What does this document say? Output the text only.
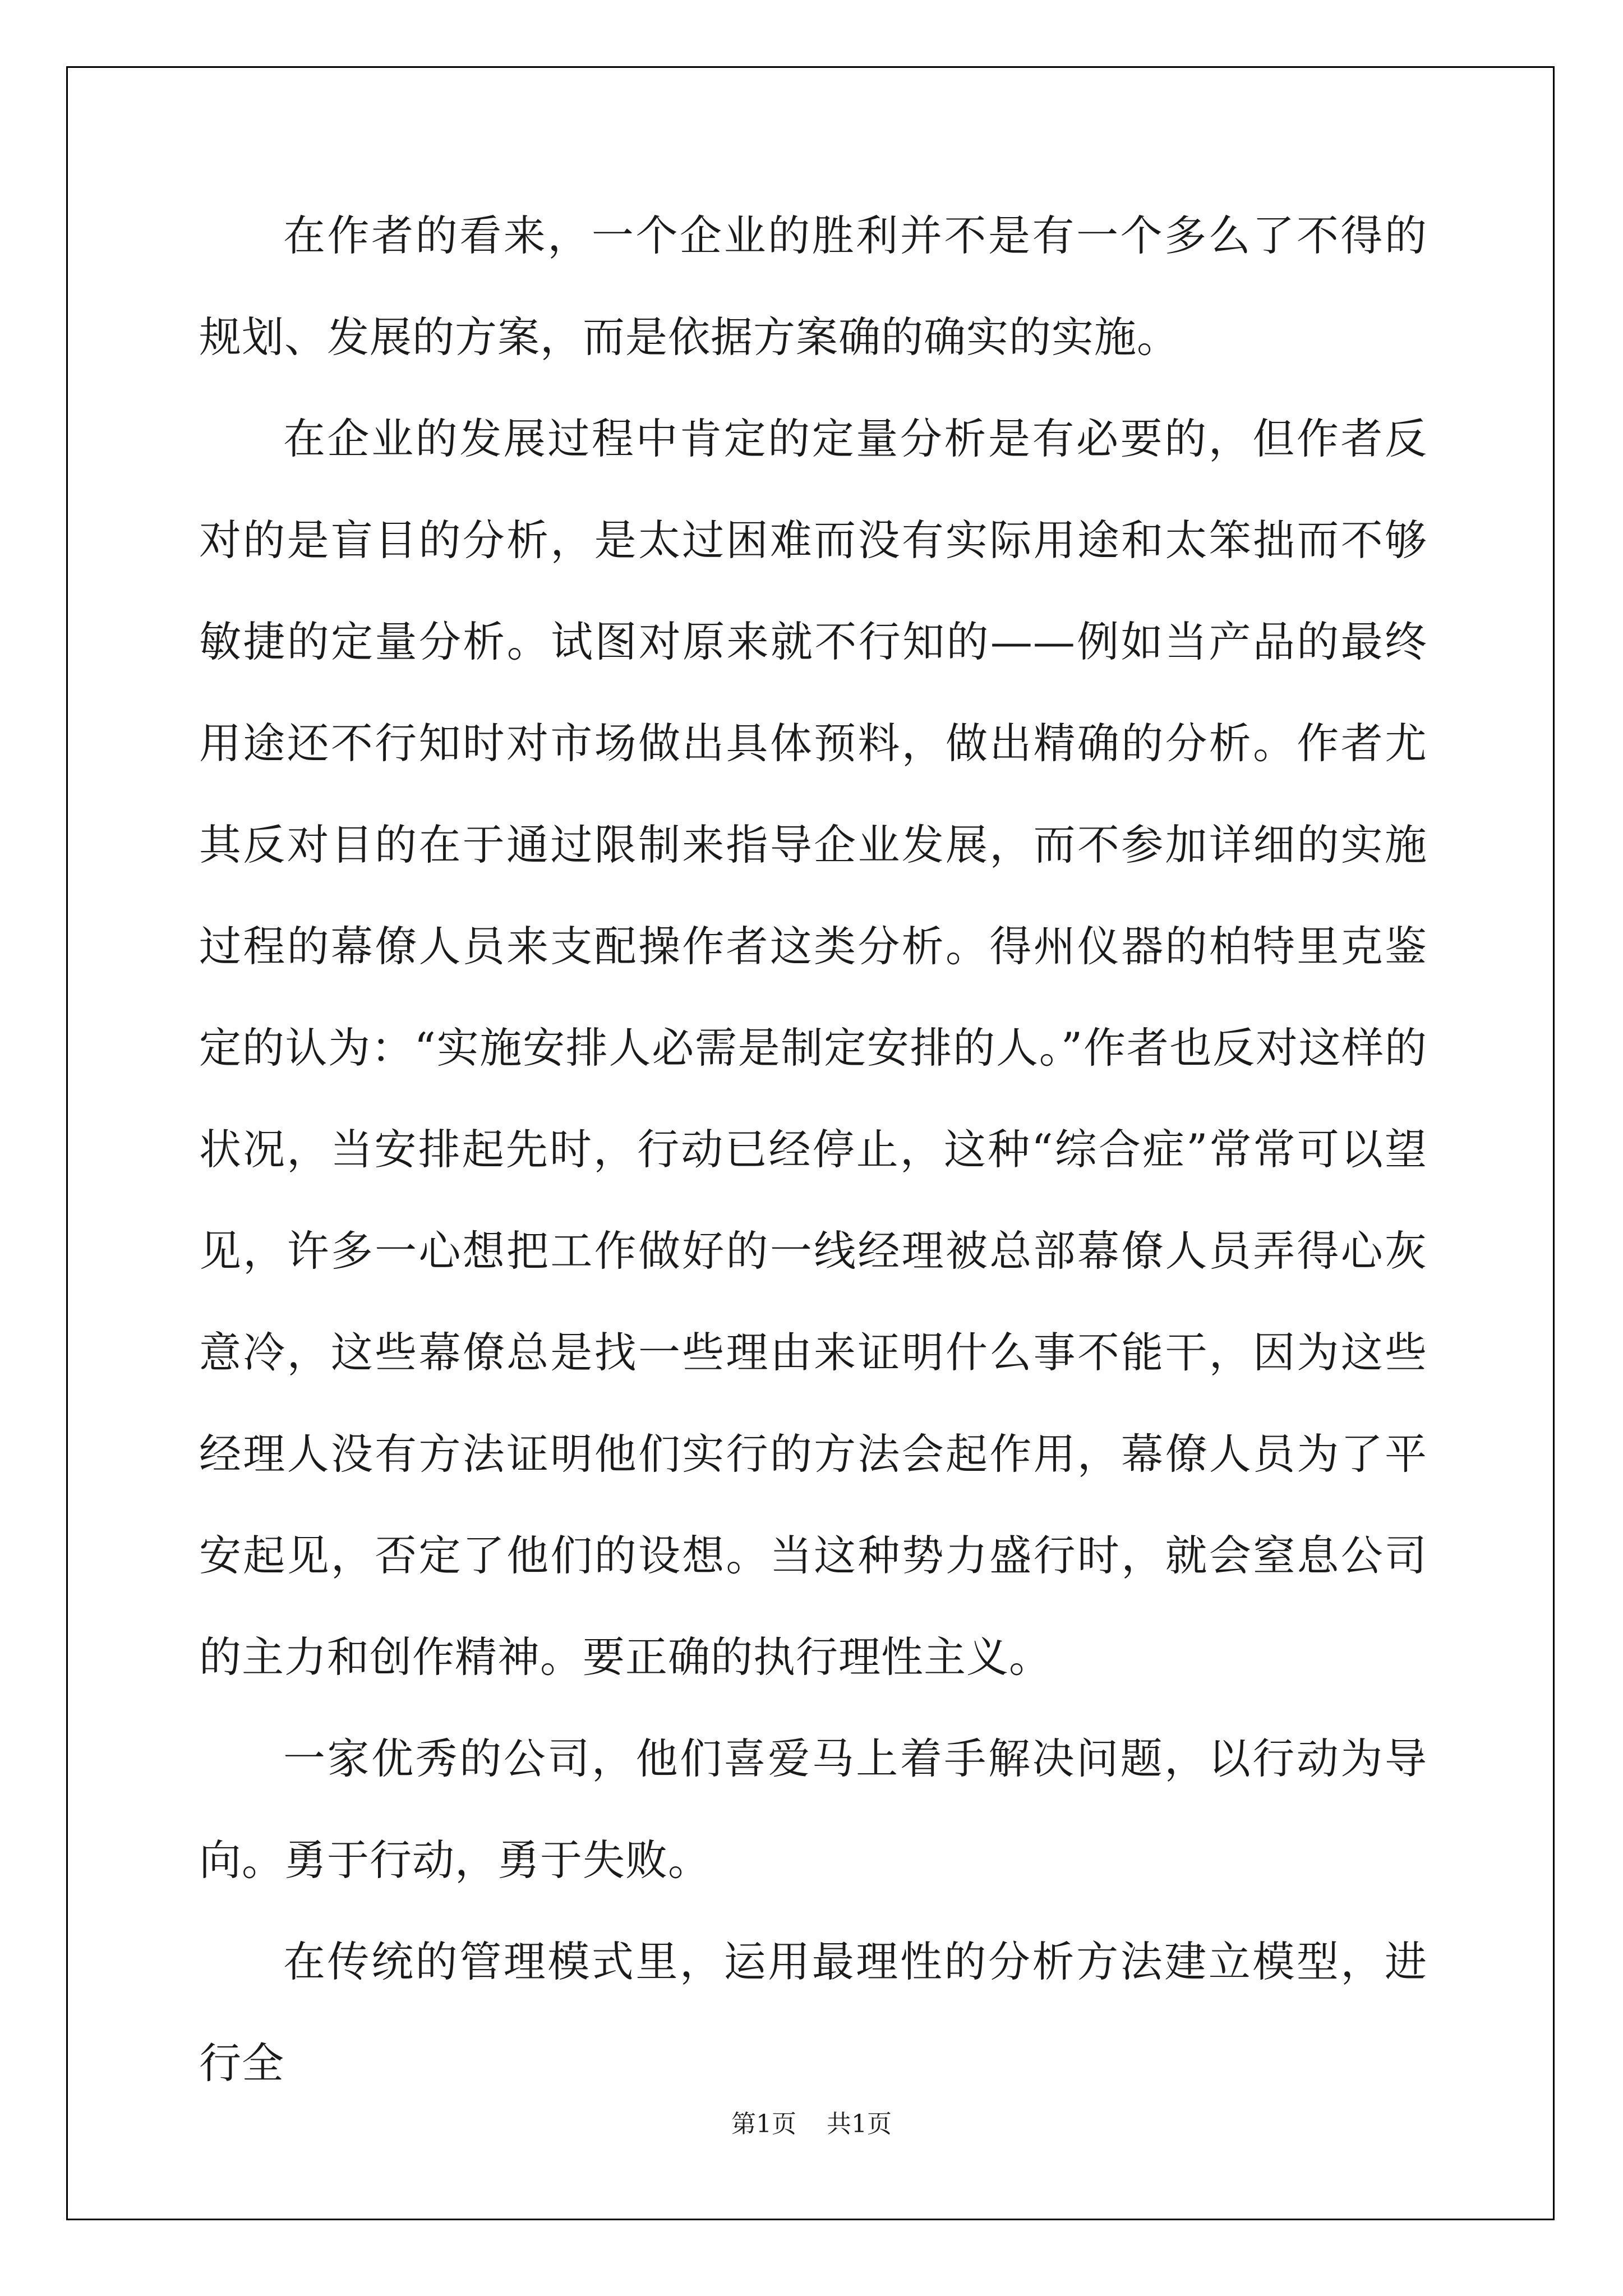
在作者的看来，一个企业的胜利并不是有一个多么了不得的规划、发展的方案，而是依据方案确的确实的实施。

在企业的发展过程中肯定的定量分析是有必要的，但作者反对的是盲目的分析，是太过困难而没有实际用途和太笨拙而不够敏捷的定量分析。试图对原来就不行知的——例如当产品的最终用途还不行知时对市场做出具体预料，做出精确的分析。作者尤其反对目的在于通过限制来指导企业发展，而不参加详细的实施过程的幕僚人员来支配操作者这类分析。得州仪器的柏特里克鉴定的认为：“实施安排人必需是制定安排的人。”作者也反对这样的状况，当安排起先时，行动已经停止，这种“综合症”常常可以望见，许多一心想把工作做好的一线经理被总部幕僚人员弄得心灰意冷，这些幕僚总是找一些理由来证明什么事不能干，因为这些经理人没有方法证明他们实行的方法会起作用，幕僚人员为了平安起见，否定了他们的设想。当这种势力盛行时，就会窒息公司的主力和创作精神。要正确的执行理性主义。

一家优秀的公司，他们喜爱马上着手解决问题，以行动为导向。勇于行动，勇于失败。

在传统的管理模式里，运用最理性的分析方法建立模型，进行全

第1页 共1页
